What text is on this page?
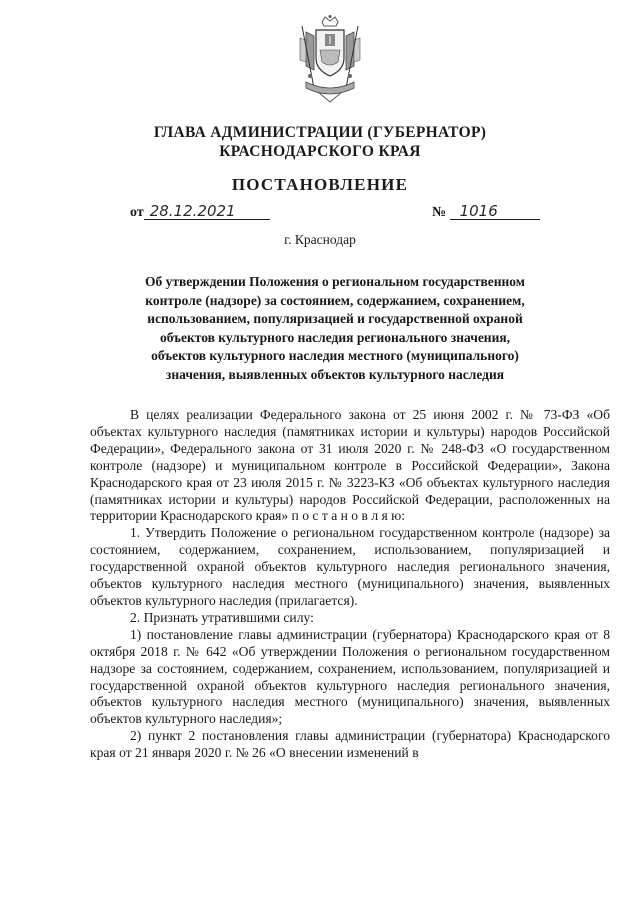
ГЛАВА АДМИНИСТРАЦИИ (ГУБЕРНАТОР)
КРАСНОДАРСКОГО КРАЯ
ПОСТАНОВЛЕНИЕ
от 28.12.2021	№ 1016
г. Краснодар
Об утверждении Положения о региональном государственном
контроле (надзоре) за состоянием, содержанием, сохранением,
использованием, популяризацией и государственной охраной
объектов культурного наследия регионального значения,
объектов культурного наследия местного (муниципального)
значения, выявленных объектов культурного наследия

В целях реализации Федерального закона от 25 июня 2002 г. № 73-ФЗ «Об объектах культурного наследия (памятниках истории и культуры) народов Российской Федерации», Федерального закона от 31 июля 2020 г. № 248-ФЗ «О государственном контроле (надзоре) и муниципальном контроле в Российской Федерации», Закона Краснодарского края от 23 июля 2015 г. № 3223-КЗ «Об объектах культурного наследия (памятниках истории и культуры) народов Российской Федерации, расположенных на территории Краснодарского края» п о с т а н о в л я ю:

1. Утвердить Положение о региональном государственном контроле (надзоре) за состоянием, содержанием, сохранением, использованием, популяризацией и государственной охраной объектов культурного наследия регионального значения, объектов культурного наследия местного (муниципального) значения, выявленных объектов культурного наследия (прилагается).

2. Признать утратившими силу:

1) постановление главы администрации (губернатора) Краснодарского края от 8 октября 2018 г. № 642 «Об утверждении Положения о региональном государственном надзоре за состоянием, содержанием, сохранением, использованием, популяризацией и государственной охраной объектов культурного наследия регионального значения, объектов культурного наследия местного (муниципального) значения, выявленных объектов культурного наследия»;

2) пункт 2 постановления главы администрации (губернатора) Краснодарского края от 21 января 2020 г. № 26 «О внесении изменений в
